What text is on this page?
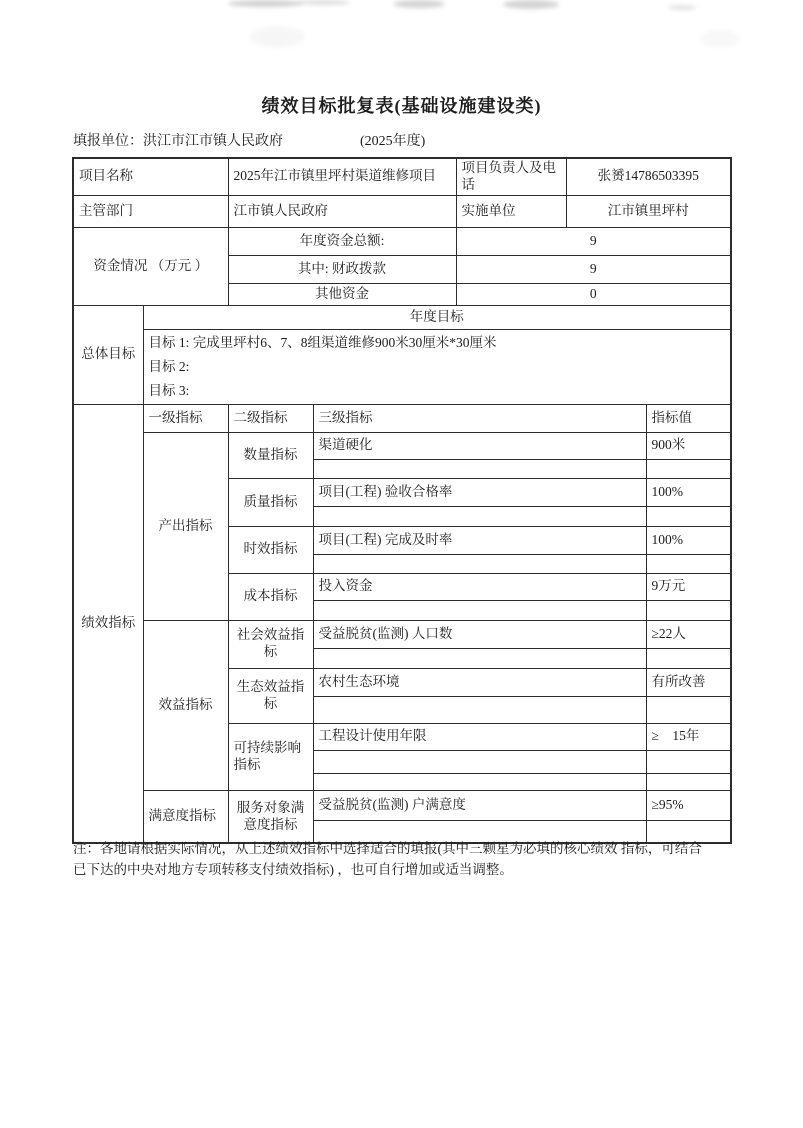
绩效目标批复表(基础设施建设类)
填报单位：洪江市江市镇人民政府	(2025年度)
项目名称		2025年江市镇里坪村渠道维修项目		项目负责人及电话	张赟14786503395	
主管部门		江市镇人民政府		实施单位	江市镇里坪村	
资金情况 （万元 ）		年度资金总额:		9		
		其中: 财政拨款		9		
		其他资金		0		
总体目标	年度目标					

	目标 1: 完成里坪村6、7、8组渠道维修900米30厘米*30厘米
目标 2:
目标 3:					

绩效指标	一级指标	二级指标	三级指标			指标值
	产出指标	数量指标	渠道硬化			900米

		质量指标	项目(工程) 验收合格率			100%

		时效指标	项目(工程) 完成及时率			100%

		成本指标	投入资金			9万元

	效益指标	社会效益指标	受益脱贫(监测) 人口数			≥22人

		生态效益指标	农村生态环境			有所改善

		可持续影响指标	工程设计使用年限			≥　15年

	满意度指标	服务对象满意度指标	受益脱贫(监测) 户满意度			≥95%

注：各地请根据实际情况，从上述绩效指标中选择适合的填报(其中三颗星为必填的核心绩效 指标，可结合
已下达的中央对地方专项转移支付绩效指标) ，也可自行增加或适当调整。
